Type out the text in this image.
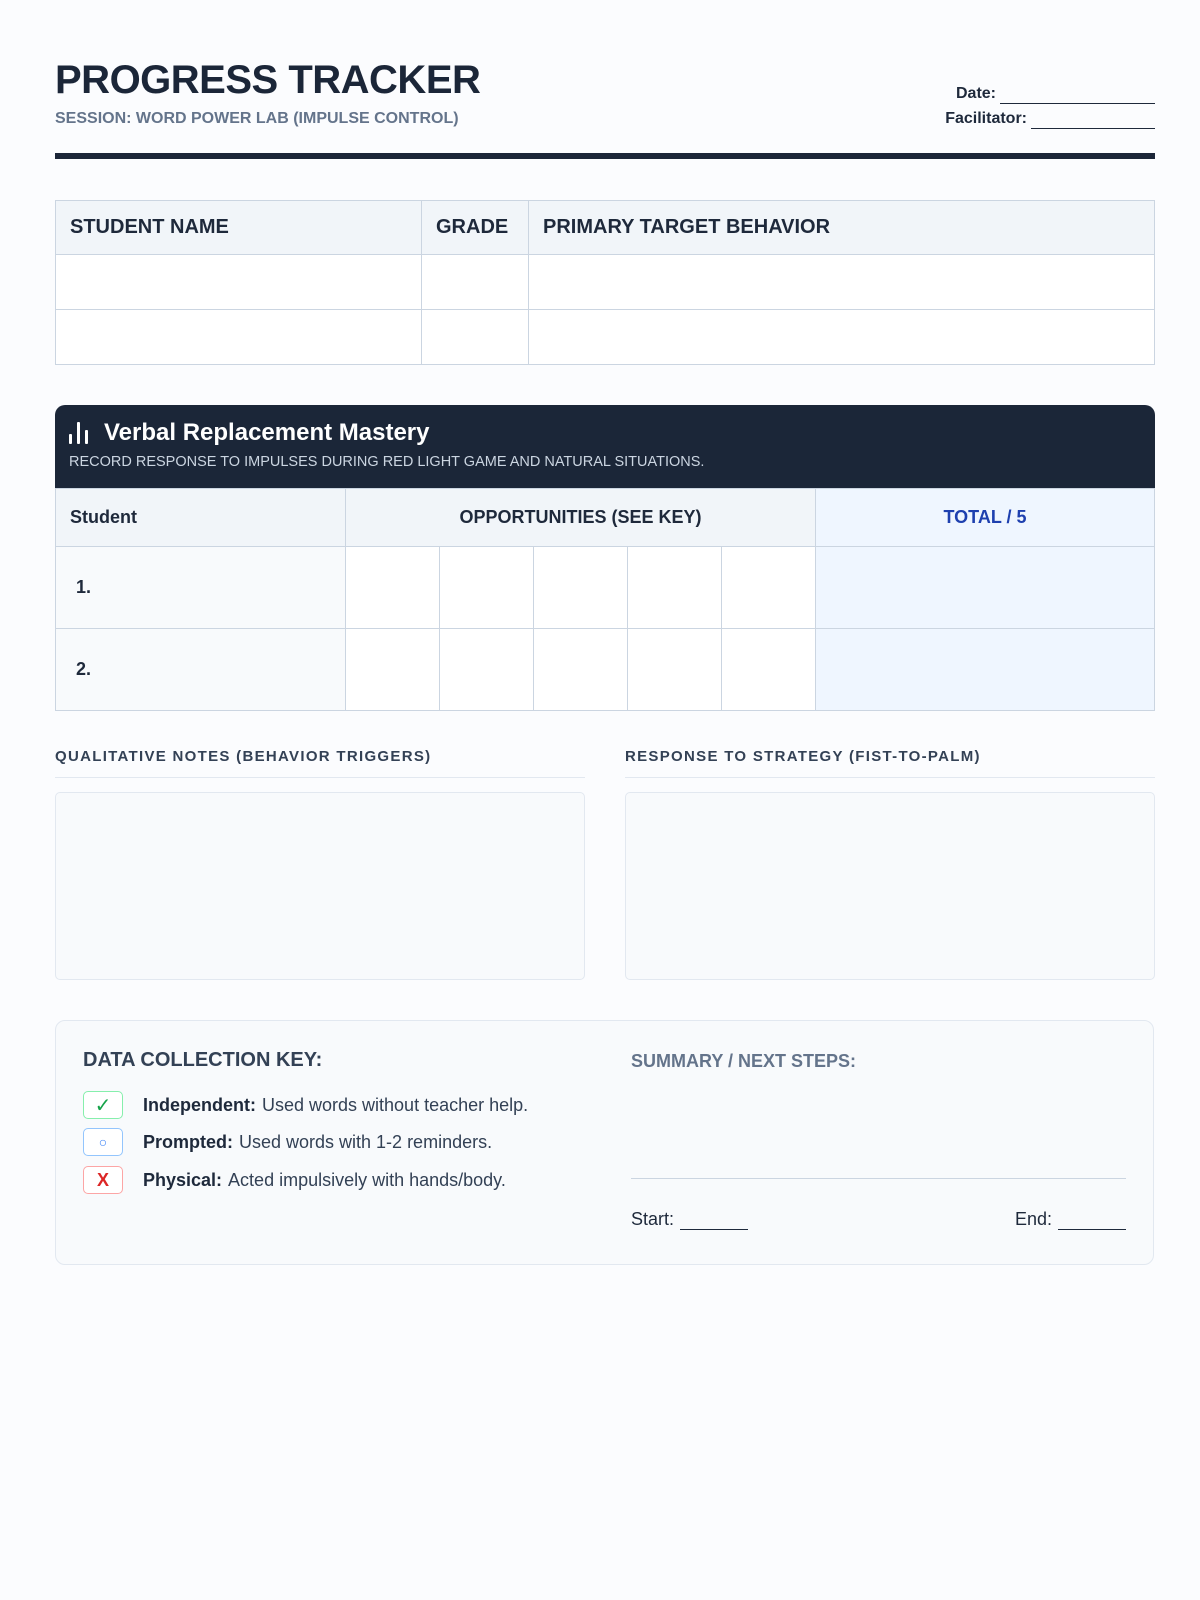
PROGRESS TRACKER
SESSION: WORD POWER LAB (IMPULSE CONTROL)
Date:
Facilitator:
STUDENT NAME	GRADE	PRIMARY TARGET BEHAVIOR

Verbal Replacement Mastery
RECORD RESPONSE TO IMPULSES DURING RED LIGHT GAME AND NATURAL SITUATIONS.
Student	OPPORTUNITIES (SEE KEY)					TOTAL / 5
1.						
2.						
QUALITATIVE NOTES (BEHAVIOR TRIGGERS)	RESPONSE TO STRATEGY (FIST-TO-PALM)
DATA COLLECTION KEY:
✓	Independent: Used words without teacher help.
○	Prompted: Used words with 1-2 reminders.
X	Physical: Acted impulsively with hands/body.
SUMMARY / NEXT STEPS:
Start:	End:
